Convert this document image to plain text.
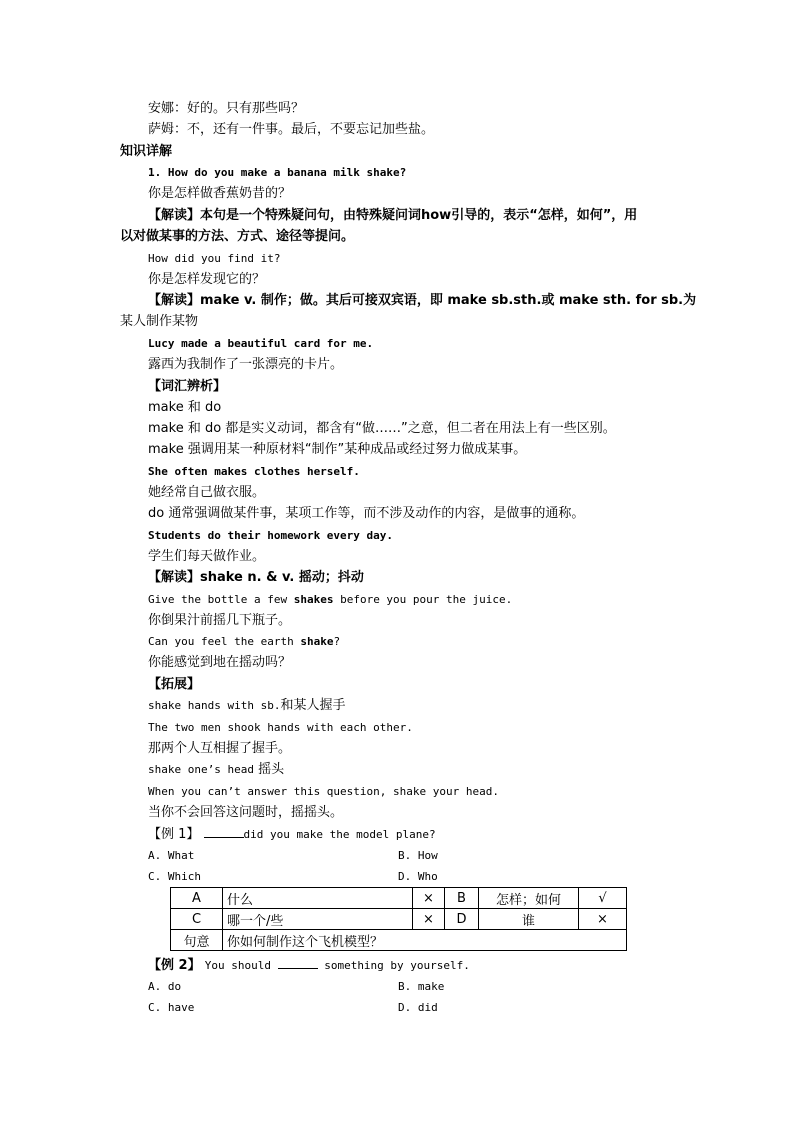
安娜：好的。只有那些吗？
萨姆：不，还有一件事。最后，不要忘记加些盐。
知识详解
1. How do you make a banana milk shake?
你是怎样做香蕉奶昔的？
【解读】本句是一个特殊疑问句，由特殊疑问词how引导的，表示“怎样，如何”，用
以对做某事的方法、方式、途径等提问。
How did you find it?
你是怎样发现它的？
【解读】make v. 制作；做。其后可接双宾语，即 make sb.sth.或 make sth. for sb.为
某人制作某物
Lucy made a beautiful card for me.
露西为我制作了一张漂亮的卡片。
【词汇辨析】
make 和 do
make 和 do 都是实义动词，都含有“做……”之意，但二者在用法上有一些区别。
make 强调用某一种原材料“制作”某种成品或经过努力做成某事。
She often makes clothes herself.
她经常自己做衣服。
do 通常强调做某件事，某项工作等，而不涉及动作的内容，是做事的通称。
Students do their homework every day.
学生们每天做作业。
【解读】shake n. & v. 摇动；抖动
Give the bottle a few shakes before you pour the juice.
你倒果汁前摇几下瓶子。
Can you feel the earth shake?
你能感觉到地在摇动吗？
【拓展】
shake hands with sb.和某人握手
The two men shook hands with each other.
那两个人互相握了握手。
shake one’s head 摇头
When you can’t answer this question, shake your head.
当你不会回答这问题时，摇摇头。
【例 1】	did you make the model plane?
A. What	B. How
C. Which	D. Who
A	什么	×	B	怎样；如何	√
C	哪一个/些	×	D	谁	×
句意	你如何制作这个飞机模型？				
【例 2】 You should	something by yourself.
A. do	B. make
C. have	D. did
